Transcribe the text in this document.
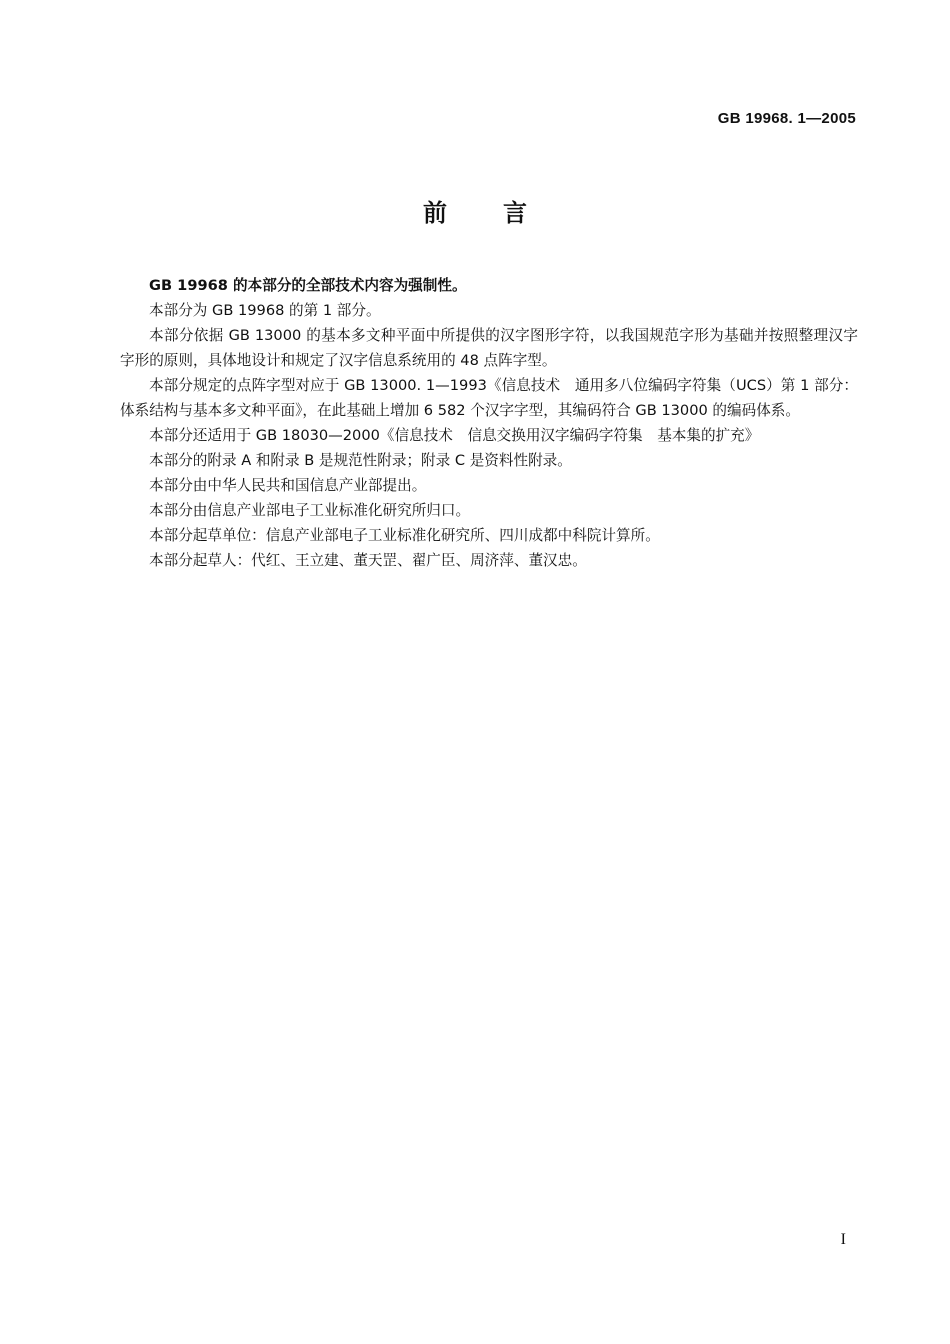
GB 19968. 1—2005
前言

GB 19968 的本部分的全部技术内容为强制性。

本部分为 GB 19968 的第 1 部分。

本部分依据 GB 13000 的基本多文种平面中所提供的汉字图形字符，以我国规范字形为基础并按照整理汉字字形的原则，具体地设计和规定了汉字信息系统用的 48 点阵字型。

本部分规定的点阵字型对应于 GB 13000. 1—1993《信息技术　通用多八位编码字符集（UCS）第 1 部分：体系结构与基本多文种平面》，在此基础上增加 6 582 个汉字字型，其编码符合 GB 13000 的编码体系。

本部分还适用于 GB 18030—2000《信息技术　信息交换用汉字编码字符集　基本集的扩充》

本部分的附录 A 和附录 B 是规范性附录；附录 C 是资料性附录。

本部分由中华人民共和国信息产业部提出。

本部分由信息产业部电子工业标准化研究所归口。

本部分起草单位：信息产业部电子工业标准化研究所、四川成都中科院计算所。

本部分起草人：代红、王立建、董天罡、翟广臣、周济萍、董汉忠。

I
